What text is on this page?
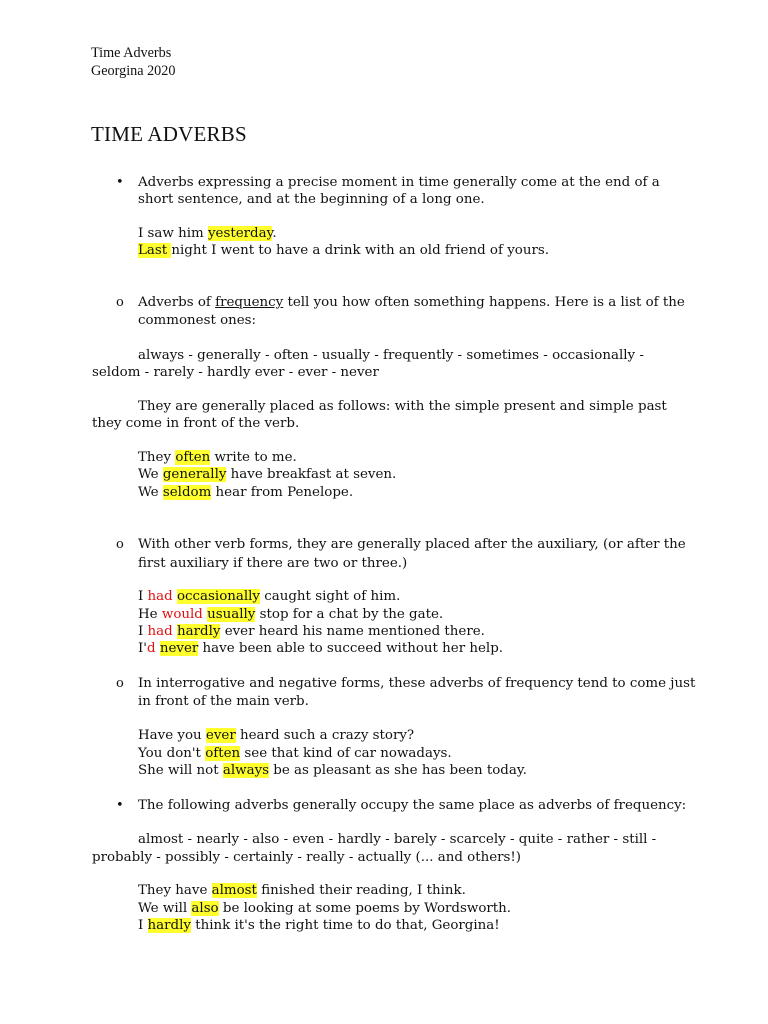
Time Adverbs
Georgina 2020
TIME ADVERBS
• Adverbs expressing a precise moment in time generally come at the end of a
short sentence, and at the beginning of a long one.
I saw him yesterday.
Last night I went to have a drink with an old friend of yours.
o Adverbs of frequency tell you how often something happens. Here is a list of the
commonest ones:
always - generally - often - usually - frequently - sometimes - occasionally -
seldom - rarely - hardly ever - ever - never
They are generally placed as follows: with the simple present and simple past
they come in front of the verb.
They often write to me.
We generally have breakfast at seven.
We seldom hear from Penelope.
o With other verb forms, they are generally placed after the auxiliary, (or after the
first auxiliary if there are two or three.)
I had occasionally caught sight of him.
He would usually stop for a chat by the gate.
I had hardly ever heard his name mentioned there.
I'd never have been able to succeed without her help.
o In interrogative and negative forms, these adverbs of frequency tend to come just
in front of the main verb.
Have you ever heard such a crazy story?
You don't often see that kind of car nowadays.
She will not always be as pleasant as she has been today.
• The following adverbs generally occupy the same place as adverbs of frequency:
almost - nearly - also - even - hardly - barely - scarcely - quite - rather - still -
probably - possibly - certainly - really - actually (... and others!)
They have almost finished their reading, I think.
We will also be looking at some poems by Wordsworth.
I hardly think it's the right time to do that, Georgina!
